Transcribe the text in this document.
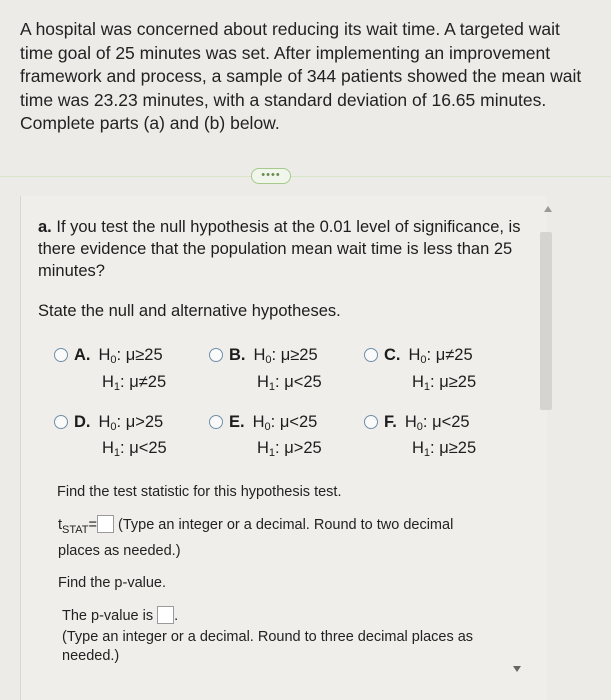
A hospital was concerned about reducing its wait time. A targeted wait time goal of 25 minutes was set. After implementing an improvement framework and process, a sample of 344 patients showed the mean wait time was 23.23 minutes, with a standard deviation of 16.65 minutes. Complete parts (a) and (b) below.
••••
a. If you test the null hypothesis at the 0.01 level of significance, is there evidence that the population mean wait time is less than 25 minutes?
State the null and alternative hypotheses.
A. $H_0$: μ≥25
$H_1$: μ≠25
B. $H_0$: μ≥25
$H_1$: μ<25
C. $H_0$: μ≠25
$H_1$: μ≥25
D. $H_0$: μ>25
$H_1$: μ<25
E. $H_0$: μ<25
$H_1$: μ>25
F. $H_0$: μ<25
$H_1$: μ≥25
Find the test statistic for this hypothesis test.
$t_{STAT}=$ (Type an integer or a decimal. Round to two decimal
places as needed.)
Find the p-value.
The p-value is .
(Type an integer or a decimal. Round to three decimal places as
needed.)
